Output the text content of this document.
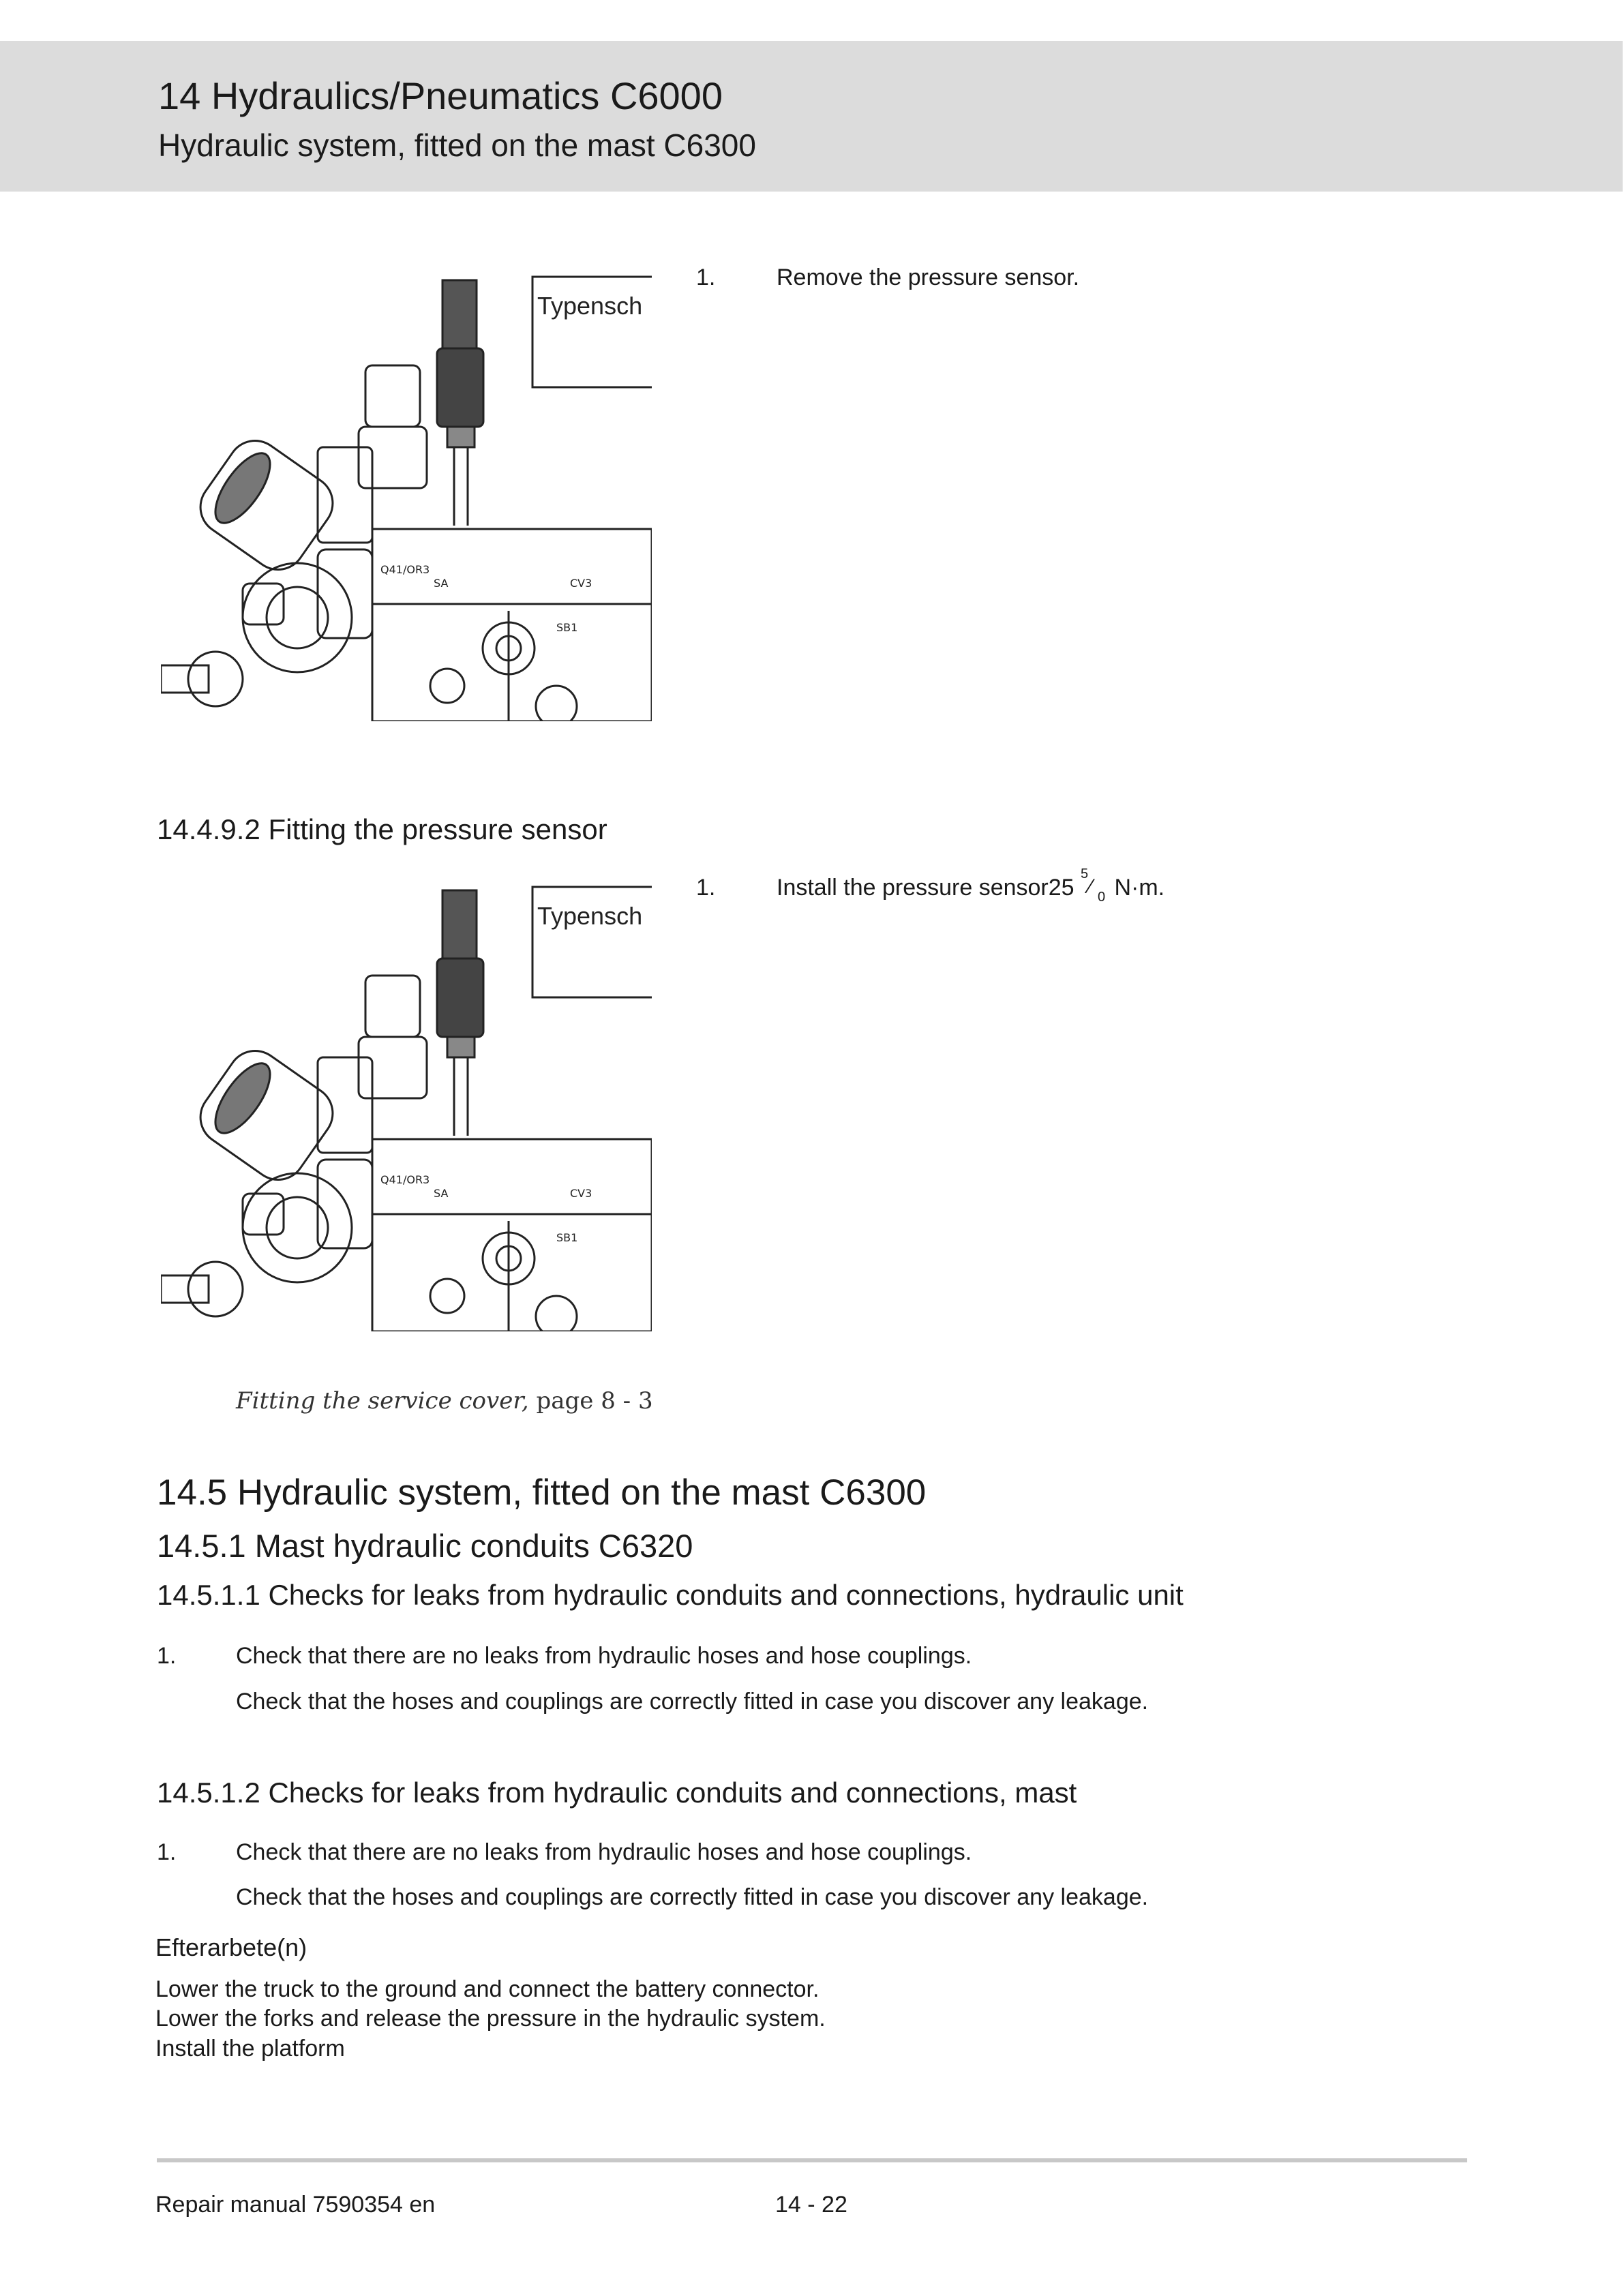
14 Hydraulics/Pneumatics C6000
Hydraulic system, fitted on the mast C6300
Typensch
Q41/OR3
SA	CV3
SB1
1.	Remove the pressure sensor.
14.4.9.2 Fitting the pressure sensor
Typensch
Q41/OR3
SA	CV3
SB1
1.	Install the pressure sensor25
5
⁄ 0 N·m.
Fitting the service cover, page 8 - 3
14.5 Hydraulic system, fitted on the mast C6300
14.5.1 Mast hydraulic conduits C6320
14.5.1.1 Checks for leaks from hydraulic conduits and connections, hydraulic unit
1.	Check that there are no leaks from hydraulic hoses and hose couplings.
Check that the hoses and couplings are correctly fitted in case you discover any leakage.
14.5.1.2 Checks for leaks from hydraulic conduits and connections, mast
1.	Check that there are no leaks from hydraulic hoses and hose couplings.
Check that the hoses and couplings are correctly fitted in case you discover any leakage.
Efterarbete(n)
Lower the truck to the ground and connect the battery connector.
Lower the forks and release the pressure in the hydraulic system.
Install the platform
Repair manual 7590354 en	14 - 22
